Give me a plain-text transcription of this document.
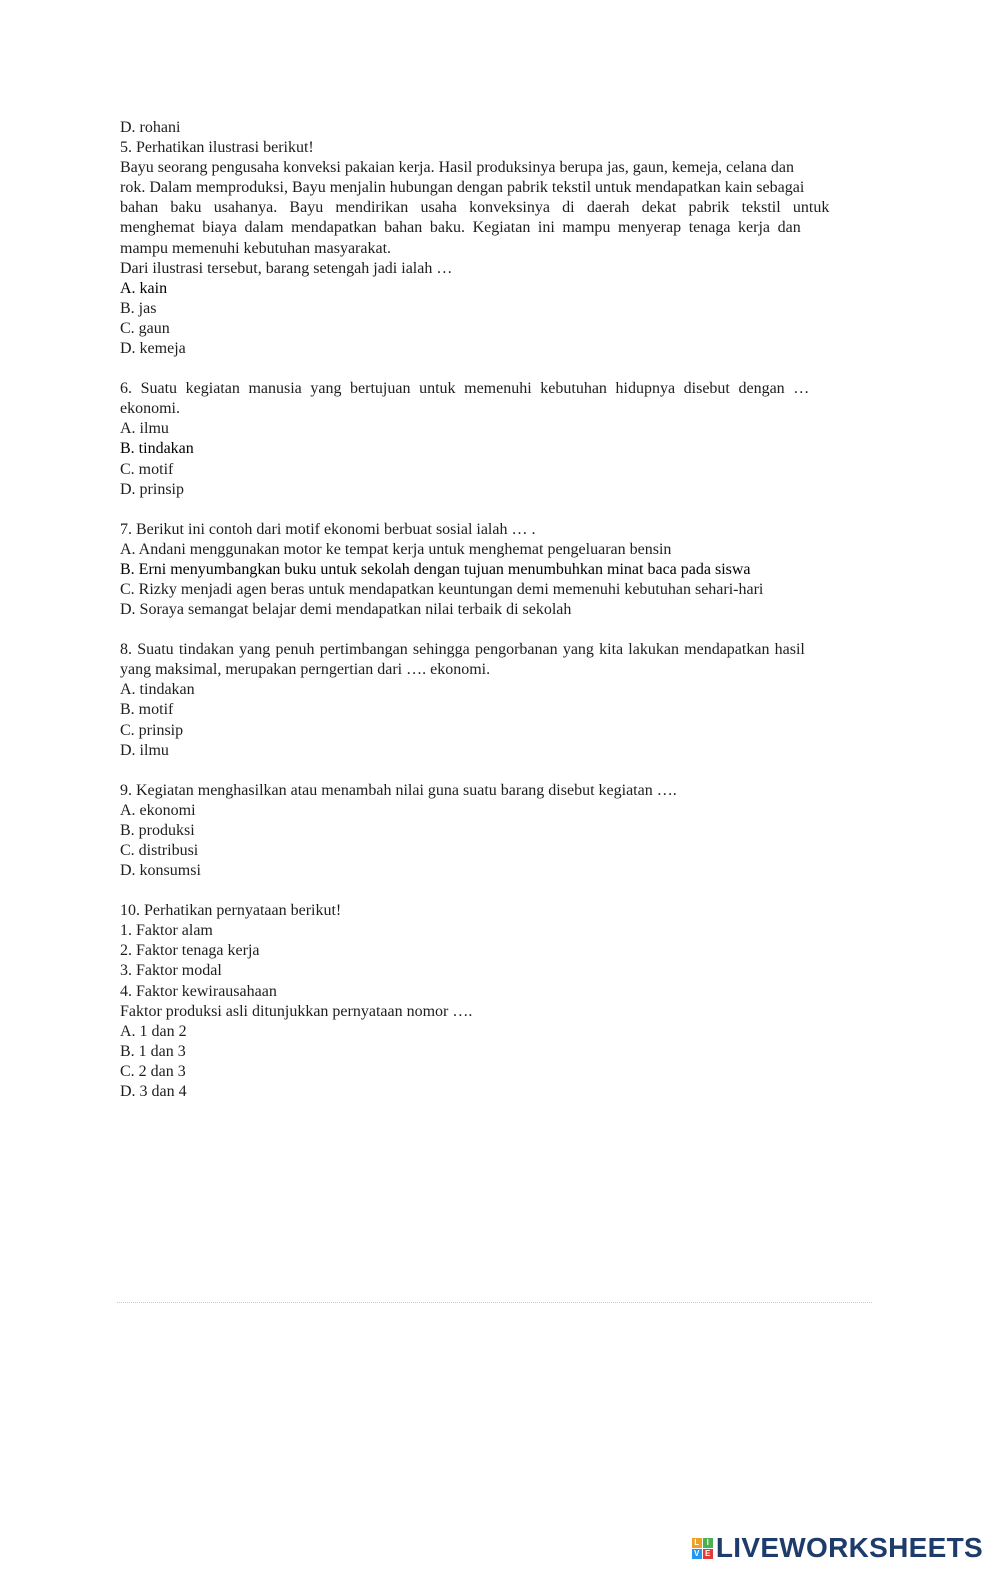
D. rohani
5. Perhatikan ilustrasi berikut!
Bayu seorang pengusaha konveksi pakaian kerja. Hasil produksinya berupa jas, gaun, kemeja, celana dan
rok. Dalam memproduksi, Bayu menjalin hubungan dengan pabrik tekstil untuk mendapatkan kain sebagai
bahan baku usahanya. Bayu mendirikan usaha konveksinya di daerah dekat pabrik tekstil untuk
menghemat biaya dalam mendapatkan bahan baku. Kegiatan ini mampu menyerap tenaga kerja dan
mampu memenuhi kebutuhan masyarakat.
Dari ilustrasi tersebut, barang setengah jadi ialah …
A. kain
B. jas
C. gaun
D. kemeja
6. Suatu kegiatan manusia yang bertujuan untuk memenuhi kebutuhan hidupnya disebut dengan …
ekonomi.
A. ilmu
B. tindakan
C. motif
D. prinsip
7. Berikut ini contoh dari motif ekonomi berbuat sosial ialah … .
A. Andani menggunakan motor ke tempat kerja untuk menghemat pengeluaran bensin
B. Erni menyumbangkan buku untuk sekolah dengan tujuan menumbuhkan minat baca pada siswa
C. Rizky menjadi agen beras untuk mendapatkan keuntungan demi memenuhi kebutuhan sehari-hari
D. Soraya semangat belajar demi mendapatkan nilai terbaik di sekolah
8. Suatu tindakan yang penuh pertimbangan sehingga pengorbanan yang kita lakukan mendapatkan hasil
yang maksimal, merupakan perngertian dari …. ekonomi.
A. tindakan
B. motif
C. prinsip
D. ilmu
9. Kegiatan menghasilkan atau menambah nilai guna suatu barang disebut kegiatan ….
A. ekonomi
B. produksi
C. distribusi
D. konsumsi
10. Perhatikan pernyataan berikut!
1. Faktor alam
2. Faktor tenaga kerja
3. Faktor modal
4. Faktor kewirausahaan
Faktor produksi asli ditunjukkan pernyataan nomor ….
A. 1 dan 2
B. 1 dan 3
C. 2 dan 3
D. 3 dan 4
L I
V E LIVEWORKSHEETS
